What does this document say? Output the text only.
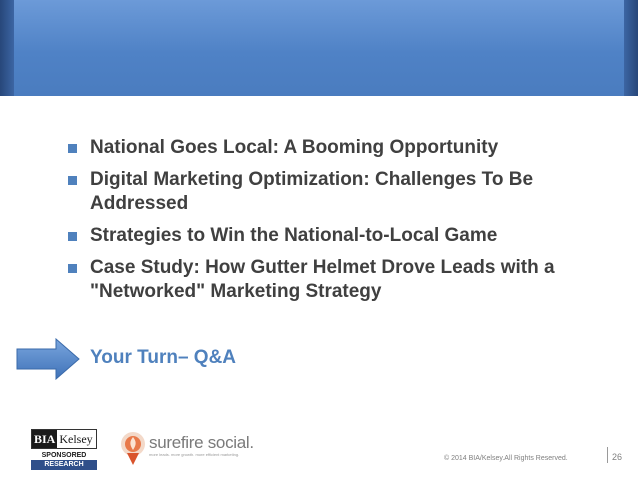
National Goes Local: A Booming Opportunity
Digital Marketing Optimization: Challenges To Be Addressed
Strategies to Win the National-to-Local Game
Case Study: How Gutter Helmet Drove Leads with a "Networked" Marketing Strategy
Your Turn– Q&A
BIA Kelsey
SPONSORED
RESEARCH
surefire social.
more leads. more growth. more efficient marketing.
© 2014 BIA/Kelsey.All Rights Reserved.	26
